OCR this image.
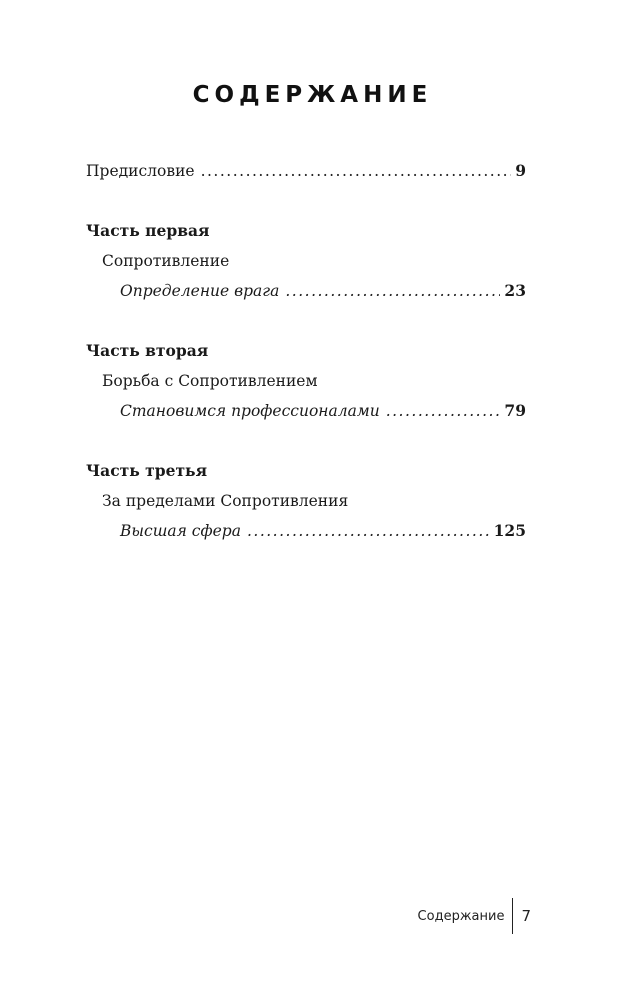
СОДЕРЖАНИЕ
Предисловие .....	9
Часть первая
Сопротивление
Определение врага .....	23
Часть вторая
Борьба с Сопротивлением
Становимся профессионалами .....	79
Часть третья
За пределами Сопротивления
Высшая сфера .....	125
Содержание	7
